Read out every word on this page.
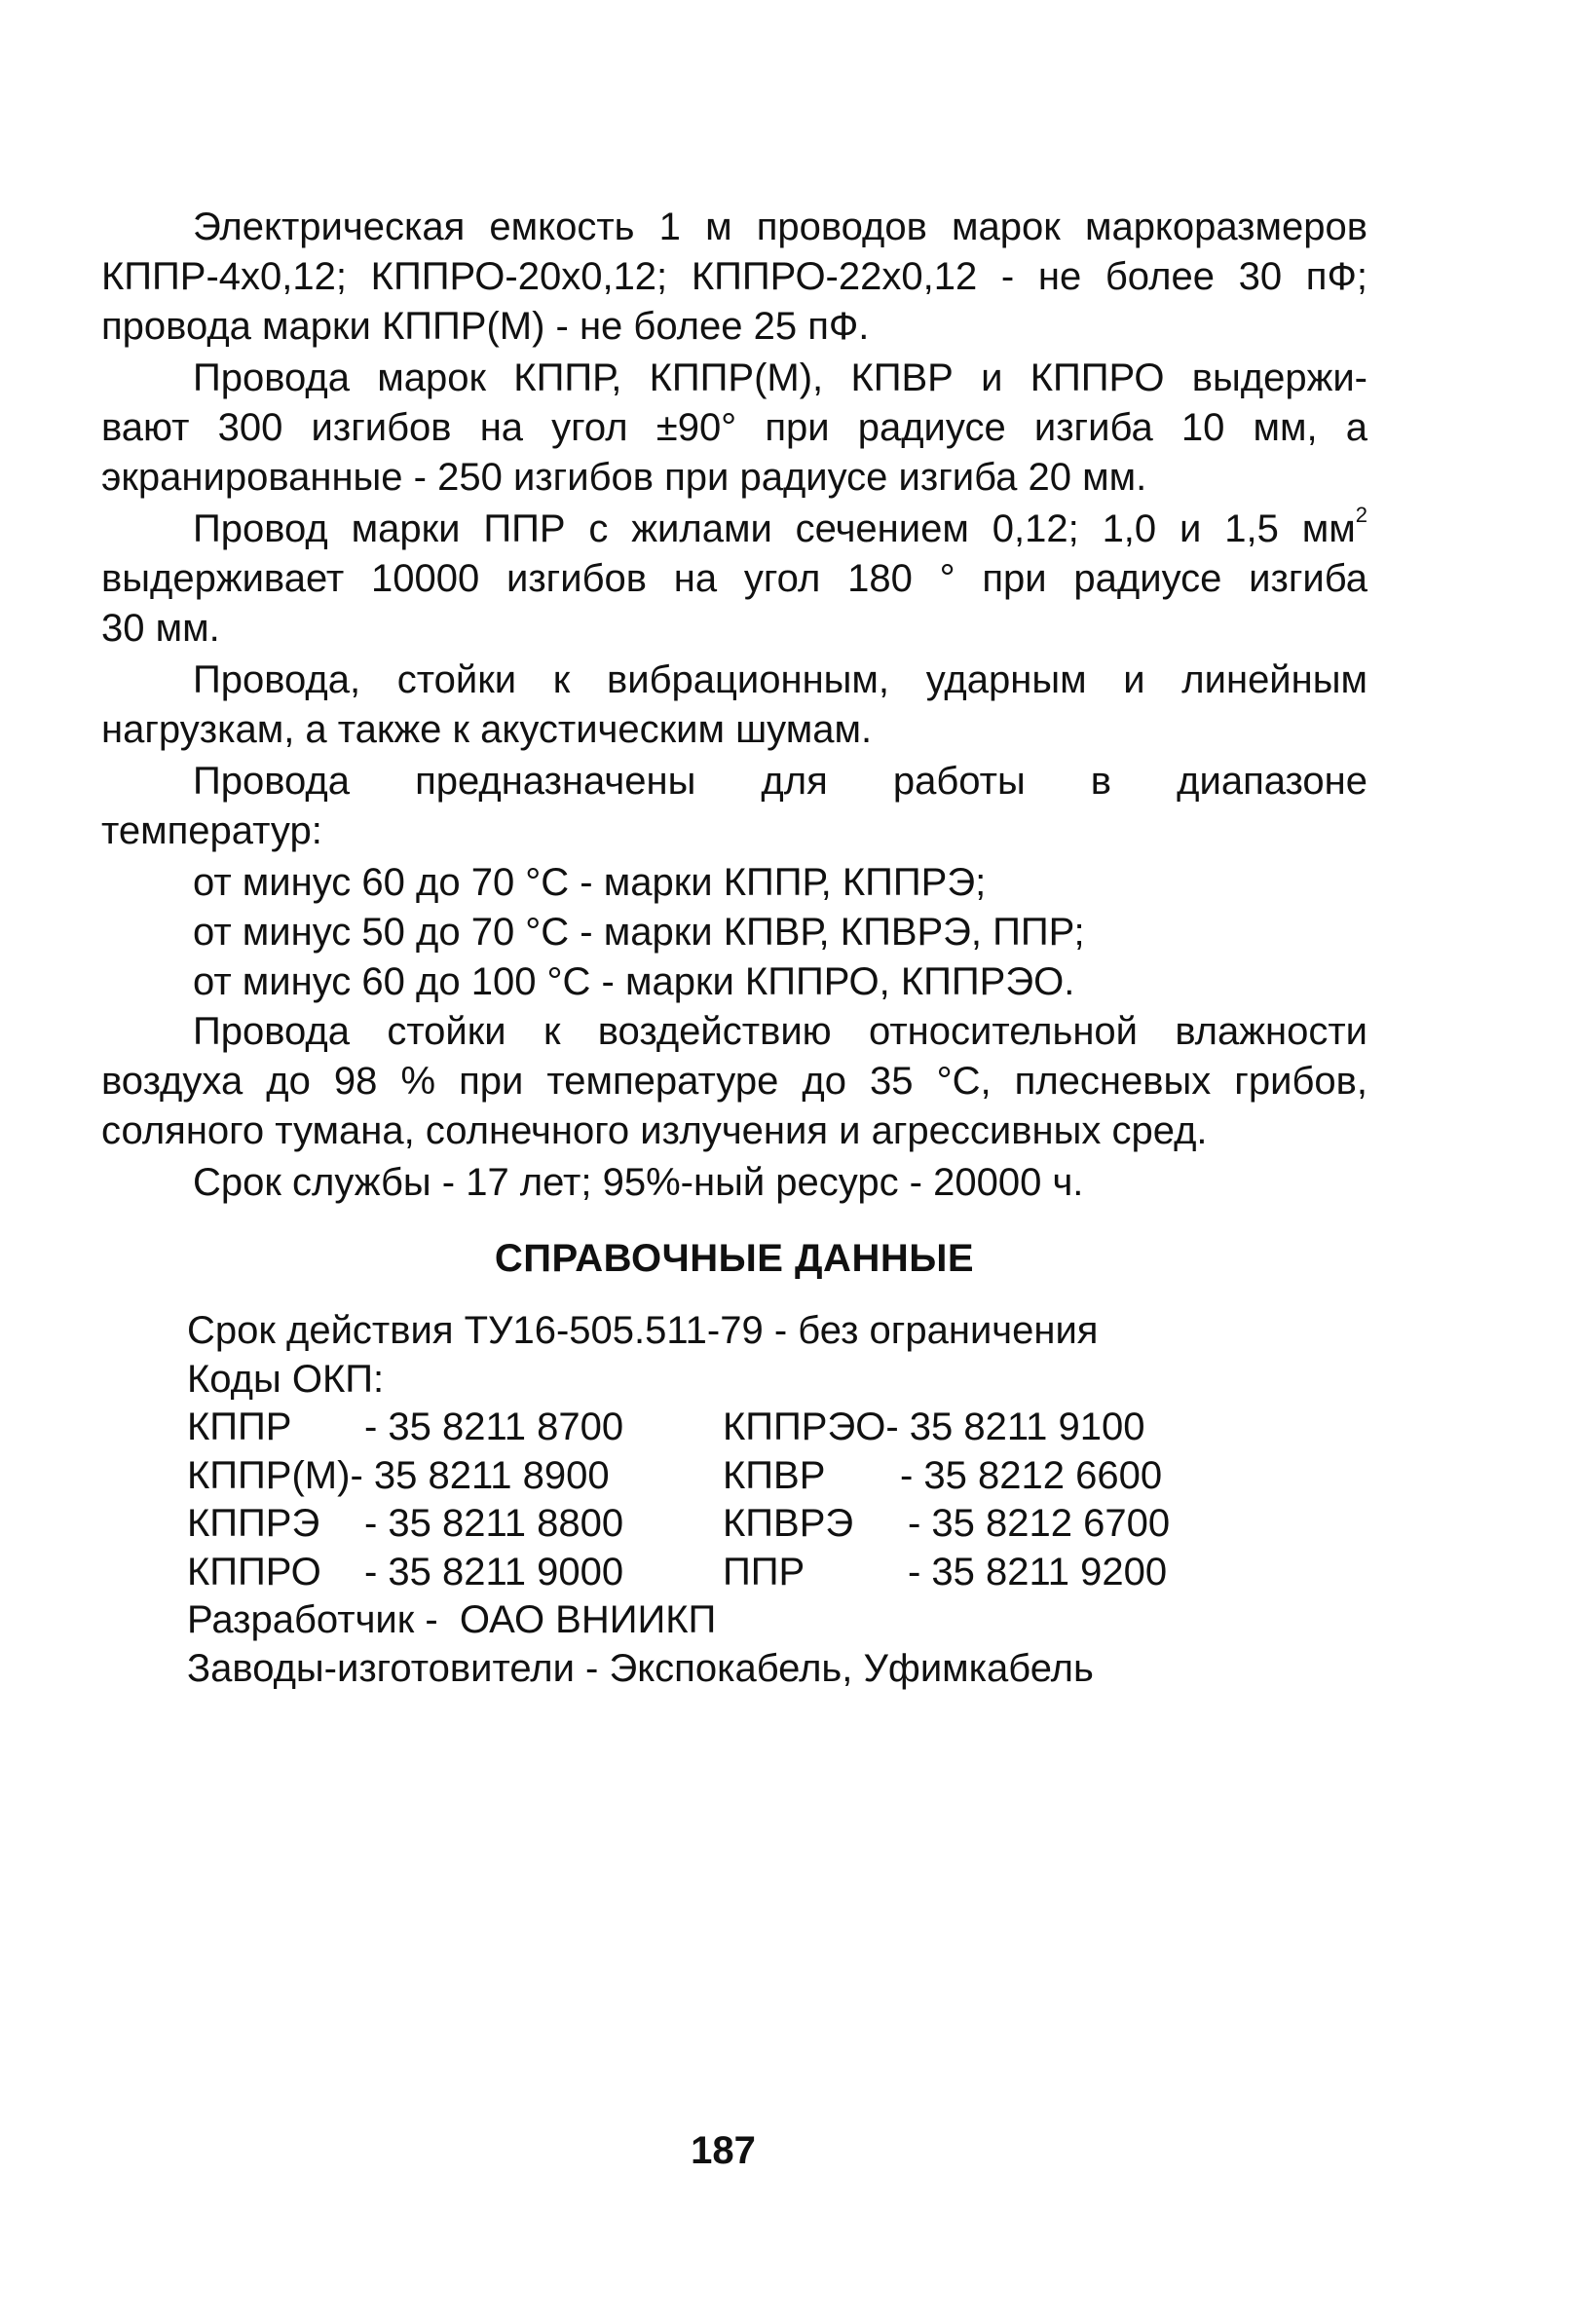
Электрическая емкость 1 м проводов марок маркоразмеров
КППР-4х0,12; КППРО-20х0,12; КППРО-22х0,12 - не более 30 пФ;
провода марки КППР(М) - не более 25 пФ.
Провода марок КППР, КППР(М), КПВР и КППРО выдержи-
вают 300 изгибов на угол ±90° при радиусе изгиба 10 мм, а
экранированные - 250 изгибов при радиусе изгиба 20 мм.
Провод марки ППР с жилами сечением 0,12; 1,0 и 1,5 $мм^2$
выдерживает 10000 изгибов на угол 180 ° при радиусе изгиба
30 мм.
Провода, стойки к вибрационным, ударным и линейным
нагрузкам, а также к акустическим шумам.
Провода предназначены для работы в диапазоне
температур:
от минус 60 до 70 °С - марки КППР, КППРЭ;
от минус 50 до 70 °С - марки КПВР, КПВРЭ, ППР;
от минус 60 до 100 °С - марки КППРО, КППРЭО.
Провода стойки к воздействию относительной влажности
воздуха до 98 % при температуре до 35 °С, плесневых грибов,
соляного тумана, солнечного излучения и агрессивных сред.
Срок службы - 17 лет; 95%-ный ресурс - 20000 ч.
СПРАВОЧНЫЕ ДАННЫЕ
Срок действия ТУ16-505.511-79 - без ограничения
Коды ОКП:
КППР - 35 8211 8700	КППРЭО- 35 8211 9100
КППР(М)- 35 8211 8900	КПВР - 35 8212 6600
КППРЭ - 35 8211 8800	КПВРЭ - 35 8212 6700
КППРО - 35 8211 9000	ППР	- 35 8211 9200
Разработчик -  ОАО ВНИИКП
Заводы-изготовители - Экспокабель, Уфимкабель
187
